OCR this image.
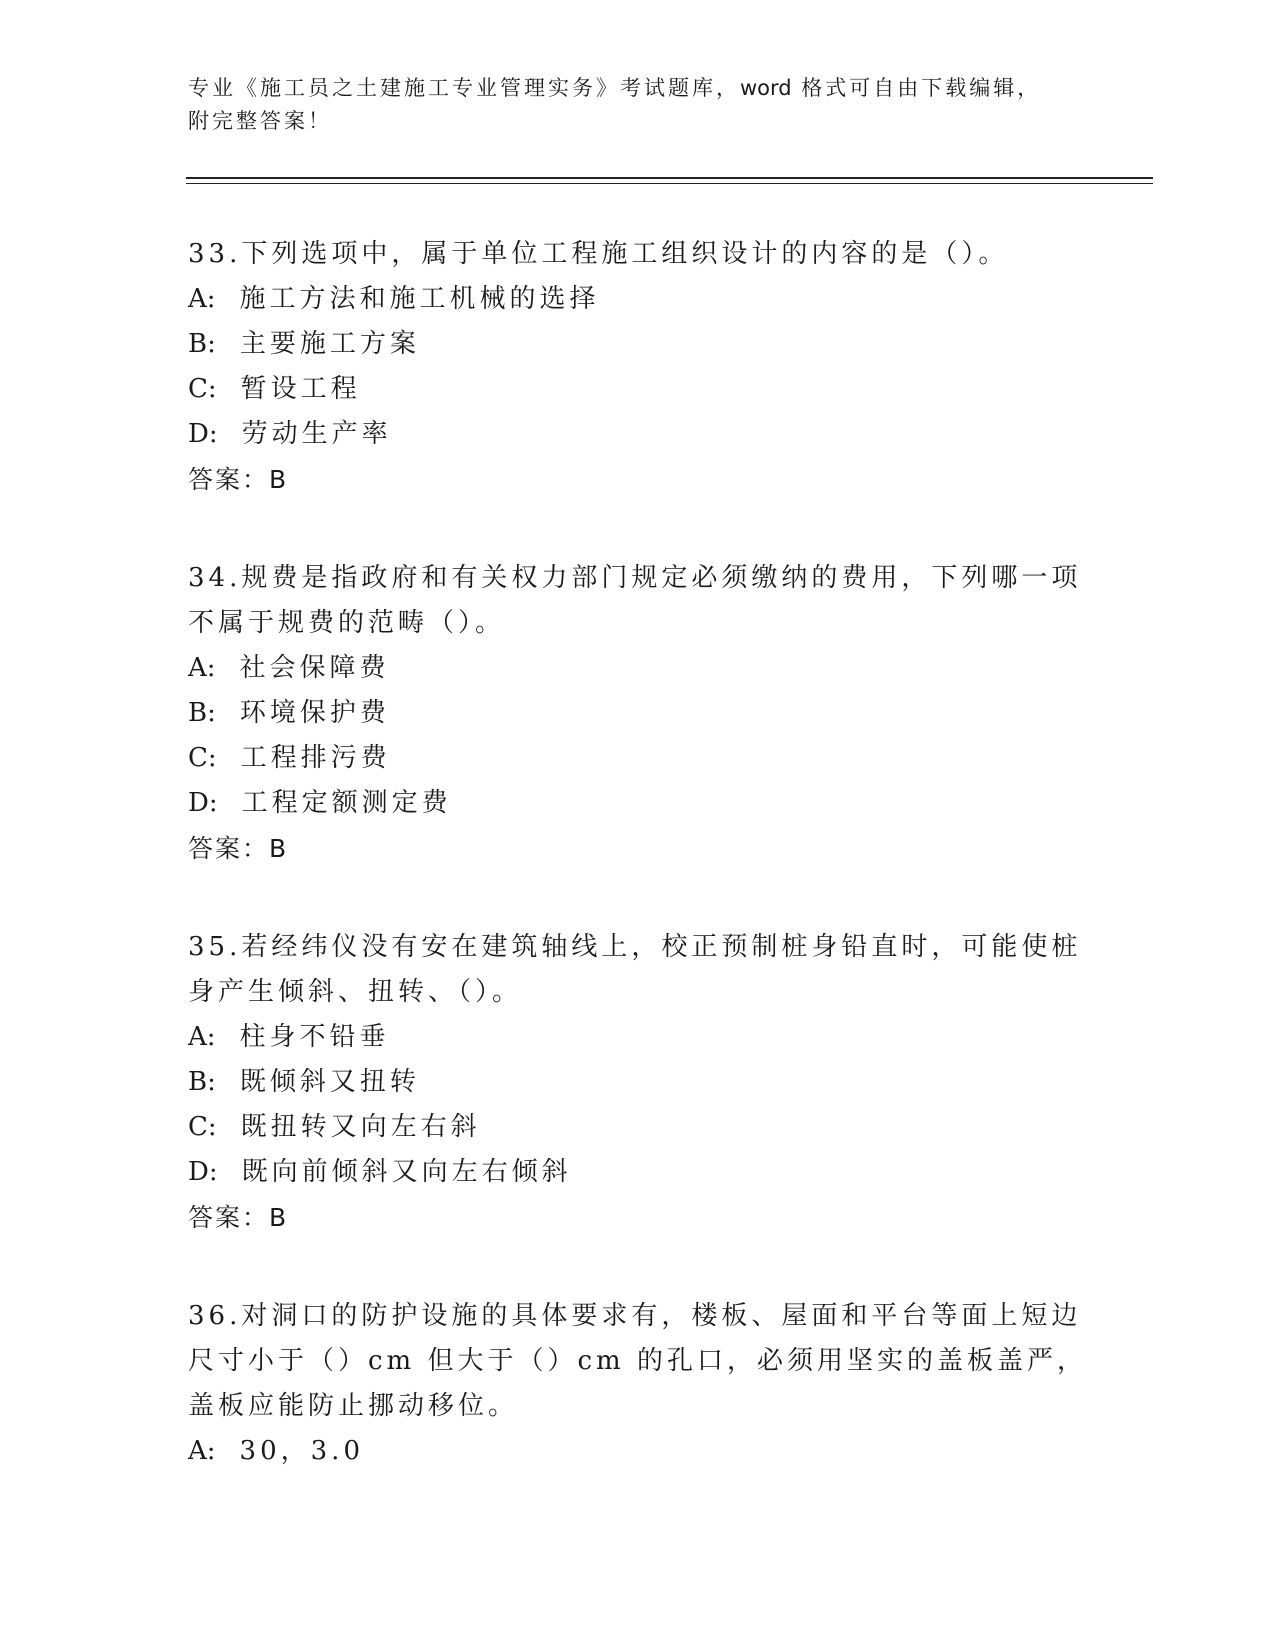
专业《施工员之土建施工专业管理实务》考试题库，word 格式可自由下载编辑，
附完整答案！

33.下列选项中，属于单位工程施工组织设计的内容的是（）。

A: 施工方法和施工机械的选择

B: 主要施工方案

C: 暂设工程

D: 劳动生产率

答案：B

34.规费是指政府和有关权力部门规定必须缴纳的费用，下列哪一项不属于规费的范畴（）。

A: 社会保障费

B: 环境保护费

C: 工程排污费

D: 工程定额测定费

答案：B

35.若经纬仪没有安在建筑轴线上，校正预制桩身铅直时，可能使桩身产生倾斜、扭转、（）。

A: 柱身不铅垂

B: 既倾斜又扭转

C: 既扭转又向左右斜

D: 既向前倾斜又向左右倾斜

答案：B

36.对洞口的防护设施的具体要求有，楼板、屋面和平台等面上短边尺寸小于（）cm 但大于（）cm 的孔口，必须用坚实的盖板盖严，盖板应能防止挪动移位。

A: 30，3.0
